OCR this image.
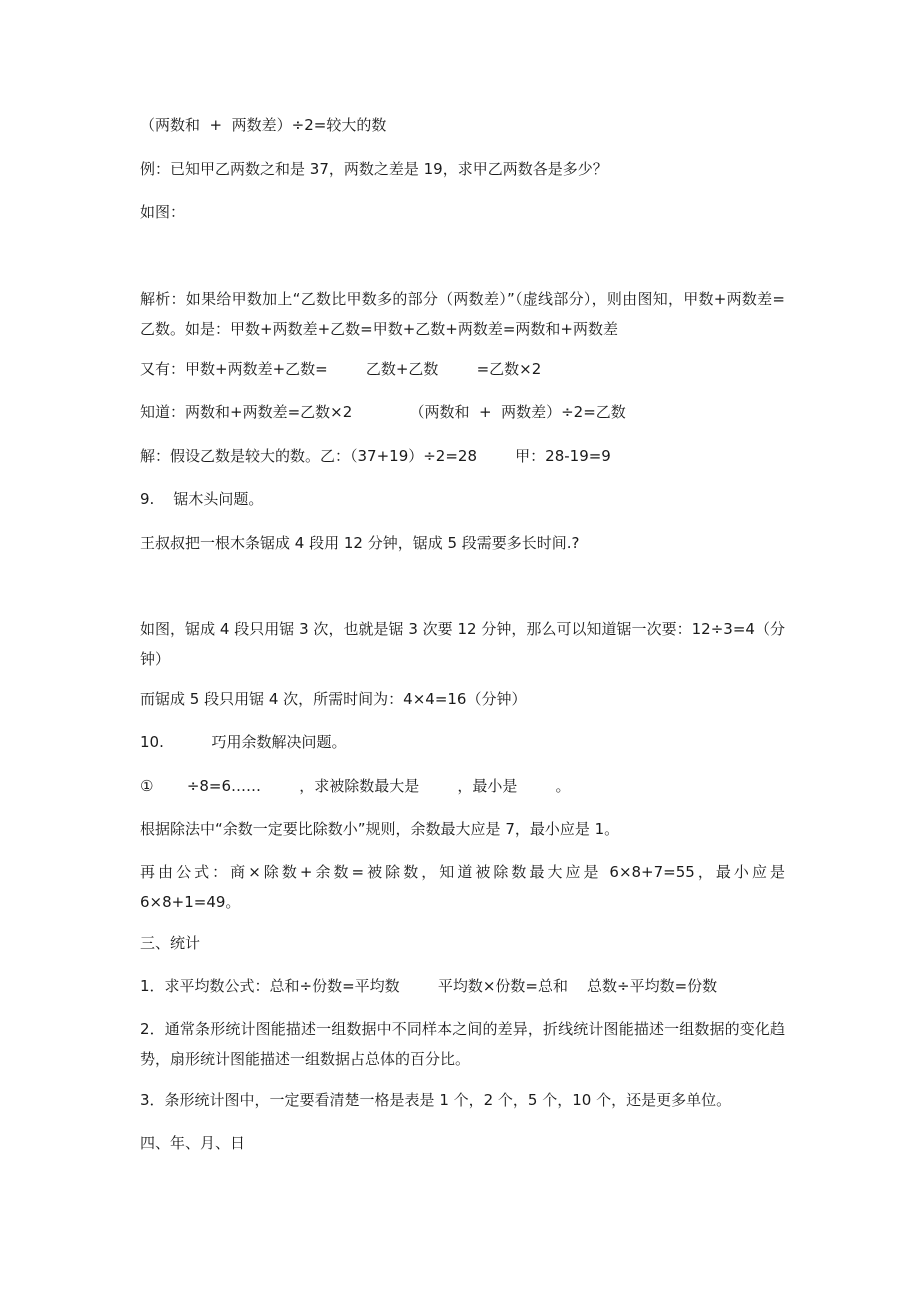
（两数和  +  两数差）÷2=较大的数

例：已知甲乙两数之和是 37，两数之差是 19，求甲乙两数各是多少？

如图：

解析：如果给甲数加上“乙数比甲数多的部分（两数差）”（虚线部分），则由图知，甲数+两数差=乙数。如是：甲数+两数差+乙数=甲数+乙数+两数差=两数和+两数差

又有：甲数+两数差+乙数=        乙数+乙数        =乙数×2

知道：两数和+两数差=乙数×2            （两数和  +  两数差）÷2=乙数

解：假设乙数是较大的数。乙：（37+19）÷2=28        甲：28-19=9

9.    锯木头问题。

王叔叔把一根木条锯成 4 段用 12 分钟，锯成 5 段需要多长时间.?

如图，锯成 4 段只用锯 3 次，也就是锯 3 次要 12 分钟，那么可以知道锯一次要：12÷3=4（分钟）

而锯成 5 段只用锯 4 次，所需时间为：4×4=16（分钟）

10.          巧用余数解决问题。

①       ÷8=6……        ，求被除数最大是        ，最小是        。

根据除法中“余数一定要比除数小”规则，余数最大应是 7，最小应是 1。

再由公式：商×除数+余数=被除数，知道被除数最大应是 6×8+7=55，最小应是 6×8+1=49。

三、统计

1．求平均数公式：总和÷份数=平均数        平均数×份数=总和    总数÷平均数=份数

2．通常条形统计图能描述一组数据中不同样本之间的差异，折线统计图能描述一组数据的变化趋势，扇形统计图能描述一组数据占总体的百分比。

3．条形统计图中，一定要看清楚一格是表是 1 个，2 个，5 个，10 个，还是更多单位。

四、年、月、日
